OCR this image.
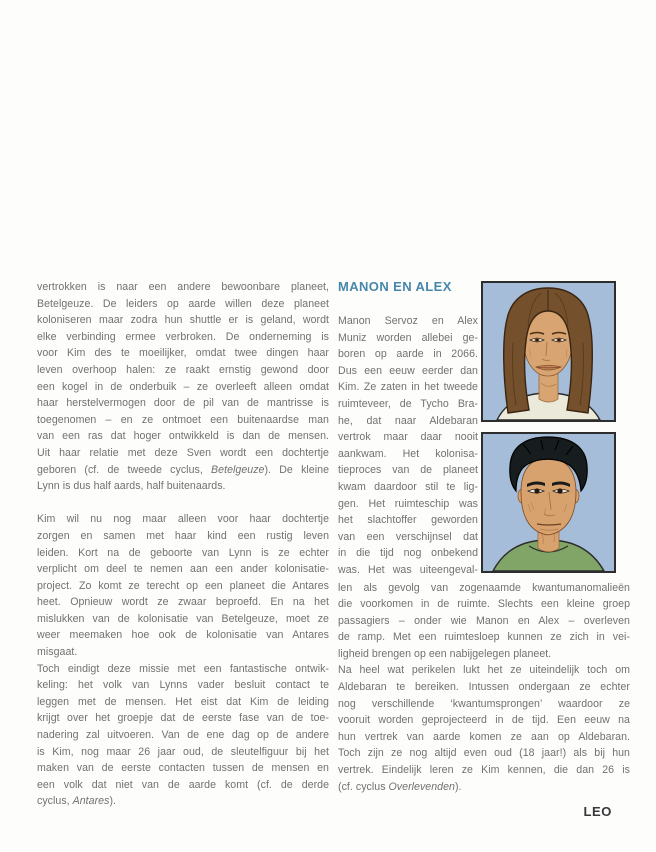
vertrokken is naar een andere bewoonbare planeet,
Betelgeuze. De leiders op aarde willen deze planeet
koloniseren maar zodra hun shuttle er is geland, wordt
elke verbinding ermee verbroken. De onderneming is
voor Kim des te moeilijker, omdat twee dingen haar
leven overhoop halen: ze raakt ernstig gewond door
een kogel in de onderbuik – ze overleeft alleen omdat
haar herstelvermogen door de pil van de mantrisse is
toegenomen – en ze ontmoet een buitenaardse man
van een ras dat hoger ontwikkeld is dan de mensen.
Uit haar relatie met deze Sven wordt een dochtertje
geboren (cf. de tweede cyclus, Betelgeuze). De kleine
Lynn is dus half aards, half buitenaards.
Kim wil nu nog maar alleen voor haar dochtertje
zorgen en samen met haar kind een rustig leven
leiden. Kort na de geboorte van Lynn is ze echter
verplicht om deel te nemen aan een ander kolonisatie-
project. Zo komt ze terecht op een planeet die Antares
heet. Opnieuw wordt ze zwaar beproefd. En na het
mislukken van de kolonisatie van Betelgeuze, moet ze
weer meemaken hoe ook de kolonisatie van Antares
misgaat.
Toch eindigt deze missie met een fantastische ontwik-
keling: het volk van Lynns vader besluit contact te
leggen met de mensen. Het eist dat Kim de leiding
krijgt over het groepje dat de eerste fase van de toe-
nadering zal uitvoeren. Van de ene dag op de andere
is Kim, nog maar 26 jaar oud, de sleutelfiguur bij het
maken van de eerste contacten tussen de mensen en
een volk dat niet van de aarde komt (cf. de derde
cyclus, Antares).
MANON EN ALEX
Manon Servoz en Alex
Muniz worden allebei ge-
boren op aarde in 2066.
Dus een eeuw eerder dan
Kim. Ze zaten in het tweede
ruimteveer, de Tycho Bra-
he, dat naar Aldebaran
vertrok maar daar nooit
aankwam. Het kolonisa-
tieproces van de planeet
kwam daardoor stil te lig-
gen. Het ruimteschip was
het slachtoffer geworden
van een verschijnsel dat
in die tijd nog onbekend
was. Het was uiteengeval-
len als gevolg van zogenaamde kwantumanomalieën
die voorkomen in de ruimte. Slechts een kleine groep
passagiers – onder wie Manon en Alex – overleven
de ramp. Met een ruimtesloep kunnen ze zich in vei-
ligheid brengen op een nabijgelegen planeet.
Na heel wat perikelen lukt het ze uiteindelijk toch om
Aldebaran te bereiken. Intussen ondergaan ze echter
nog verschillende ‘kwantumsprongen’ waardoor ze
vooruit worden geprojecteerd in de tijd. Een eeuw na
hun vertrek van aarde komen ze aan op Aldebaran.
Toch zijn ze nog altijd even oud (18 jaar!) als bij hun
vertrek. Eindelijk leren ze Kim kennen, die dan 26 is
(cf. cyclus Overlevenden).
LEO
